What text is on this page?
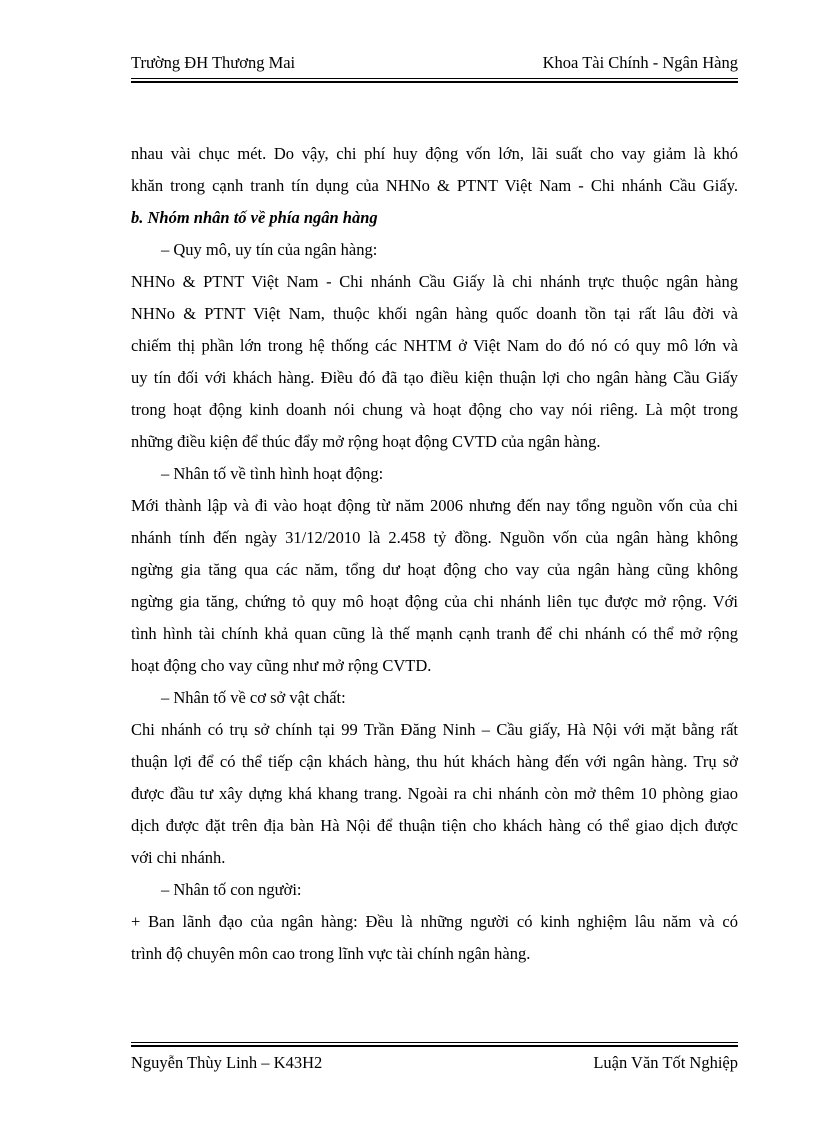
Trường ĐH Thương Mai	Khoa Tài Chính - Ngân Hàng
nhau vài chục mét. Do vậy, chi phí huy động vốn lớn, lãi suất cho vay giảm là khó
khăn trong cạnh tranh tín dụng của NHNo & PTNT Việt Nam - Chi nhánh Cầu Giấy.
b. Nhóm nhân tố về phía ngân hàng
– Quy mô, uy tín của ngân hàng:
NHNo & PTNT Việt Nam - Chi nhánh Cầu Giấy là chi nhánh trực thuộc ngân hàng
NHNo & PTNT Việt Nam, thuộc khối ngân hàng quốc doanh tồn tại rất lâu đời và
chiếm thị phần lớn trong hệ thống các NHTM ở Việt Nam do đó nó có quy mô lớn và
uy tín đối với khách hàng. Điều đó đã tạo điều kiện thuận lợi cho ngân hàng Cầu Giấy
trong hoạt động kinh doanh nói chung và hoạt động cho vay nói riêng. Là một trong
những điều kiện để thúc đẩy mở rộng hoạt động CVTD của ngân hàng.
– Nhân tố về tình hình hoạt động:
Mới thành lập và đi vào hoạt động từ năm 2006 nhưng đến nay tổng nguồn vốn của chi
nhánh tính đến ngày 31/12/2010 là 2.458 tỷ đồng. Nguồn vốn của ngân hàng không
ngừng gia tăng qua các năm, tổng dư hoạt động cho vay của ngân hàng cũng không
ngừng gia tăng, chứng tỏ quy mô hoạt động của chi nhánh liên tục được mở rộng. Với
tình hình tài chính khả quan cũng là thế mạnh cạnh tranh để chi nhánh có thể mở rộng
hoạt động cho vay cũng như mở rộng CVTD.
– Nhân tố về cơ sở vật chất:
Chi nhánh có trụ sở chính tại 99 Trần Đăng Ninh – Cầu giấy, Hà Nội với mặt bằng rất
thuận lợi để có thể tiếp cận khách hàng, thu hút khách hàng đến với ngân hàng. Trụ sở
được đầu tư xây dựng khá khang trang. Ngoài ra chi nhánh còn mở thêm 10 phòng giao
dịch được đặt trên địa bàn Hà Nội để thuận tiện cho khách hàng có thể giao dịch được
với chi nhánh.
– Nhân tố con người:
+ Ban lãnh đạo của ngân hàng: Đều là những người có kinh nghiệm lâu năm và có
trình độ chuyên môn cao trong lĩnh vực tài chính ngân hàng.
Nguyễn Thùy Linh – K43H2	Luận Văn Tốt Nghiệp
